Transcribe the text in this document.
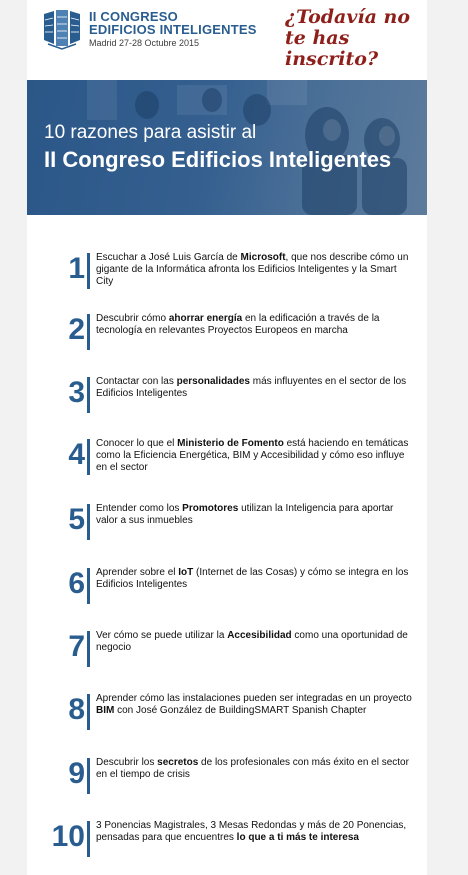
II CONGRESO
EDIFICIOS INTELIGENTES
Madrid 27-28 Octubre 2015
¿Todavía no
te has inscrito?
10 razones para asistir al
II Congreso Edificios Inteligentes
1 Escuchar a José Luis García de Microsoft, que nos describe cómo un gigante de la Informática afronta los Edificios Inteligentes y la Smart City
2 Descubrir cómo ahorrar energía en la edificación a través de la tecnología en relevantes Proyectos Europeos en marcha
3 Contactar con las personalidades más influyentes en el sector de los Edificios Inteligentes
4 Conocer lo que el Ministerio de Fomento está haciendo en temáticas como la Eficiencia Energética, BIM y Accesibilidad y cómo eso influye en el sector
5 Entender como los Promotores utilizan la Inteligencia para aportar valor a sus inmuebles
6 Aprender sobre el IoT (Internet de las Cosas) y cómo se integra en los Edificios Inteligentes
7 Ver cómo se puede utilizar la Accesibilidad como una oportunidad de negocio
8 Aprender cómo las instalaciones pueden ser integradas en un proyecto BIM con José González de BuildingSMART Spanish Chapter
9 Descubrir los secretos de los profesionales con más éxito en el sector en el tiempo de crisis
10 3 Ponencias Magistrales, 3 Mesas Redondas y más de 20 Ponencias, pensadas para que encuentres lo que a ti más te interesa
